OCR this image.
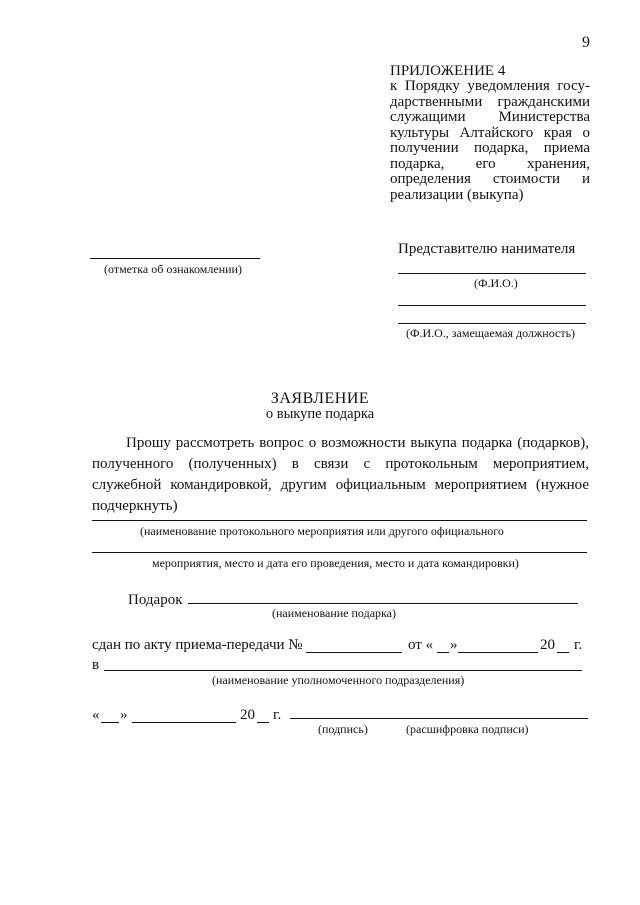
9
ПРИЛОЖЕНИЕ 4
к Порядку уведомления госу-
дарственными гражданскими
служащими Министерства
культуры Алтайского края о
получении подарка, приема
подарка, его хранения,
определения стоимости и
реализации (выкупа)
(отметка об ознакомлении)
Представителю нанимателя
(Ф.И.О.)
(Ф.И.О., замещаемая должность)
ЗАЯВЛЕНИЕ
о выкупе подарка
Прошу рассмотреть вопрос о возможности выкупа подарка (подарков),
полученного (полученных) в связи с протокольным мероприятием,
служебной командировкой, другим официальным мероприятием (нужное
подчеркнуть)
(наименование протокольного мероприятия или другого официального
мероприятия, место и дата его проведения, место и дата командировки)
Подарок
(наименование подарка)
сдан по акту приема-передачи №	от « »	20 г.
в
(наименование уполномоченного подразделения)
« »	20 г.
(подпись)	(расшифровка подписи)
